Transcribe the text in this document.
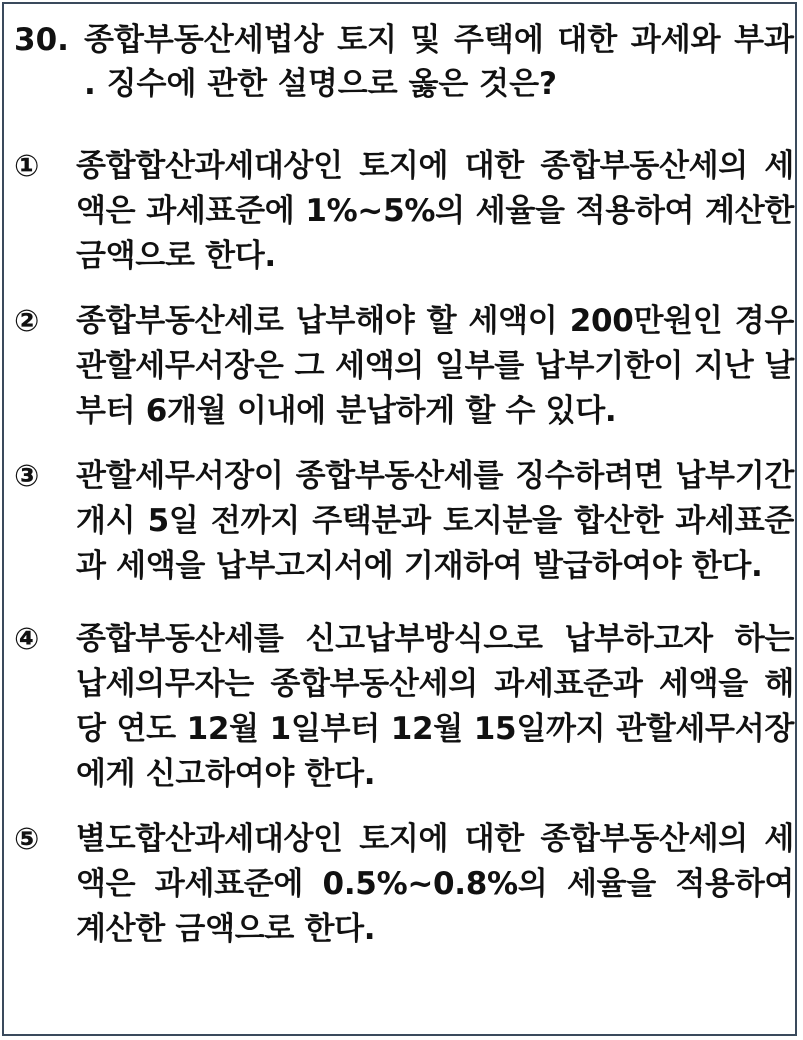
30. 종합부동산세법상 토지 및 주택에 대한 과세와 부과 . 징수에 관한 설명으로 옳은 것은?
①	종합합산과세대상인 토지에 대한 종합부동산세의 세액은 과세표준에 1%∼5%의 세율을 적용하여 계산한 금액으로 한다.
②	종합부동산세로 납부해야 할 세액이 200만원인 경우 관할세무서장은 그 세액의 일부를 납부기한이 지난 날부터 6개월 이내에 분납하게 할 수 있다.
③	관할세무서장이 종합부동산세를 징수하려면 납부기간 개시 5일 전까지 주택분과 토지분을 합산한 과세표준과 세액을 납부고지서에 기재하여 발급하여야 한다.
④	종합부동산세를 신고납부방식으로 납부하고자 하는 납세의무자는 종합부동산세의 과세표준과 세액을 해당 연도 12월 1일부터 12월 15일까지 관할세무서장에게 신고하여야 한다.
⑤	별도합산과세대상인 토지에 대한 종합부동산세의 세액은 과세표준에 0.5%~0.8%의 세율을 적용하여 계산한 금액으로 한다.
